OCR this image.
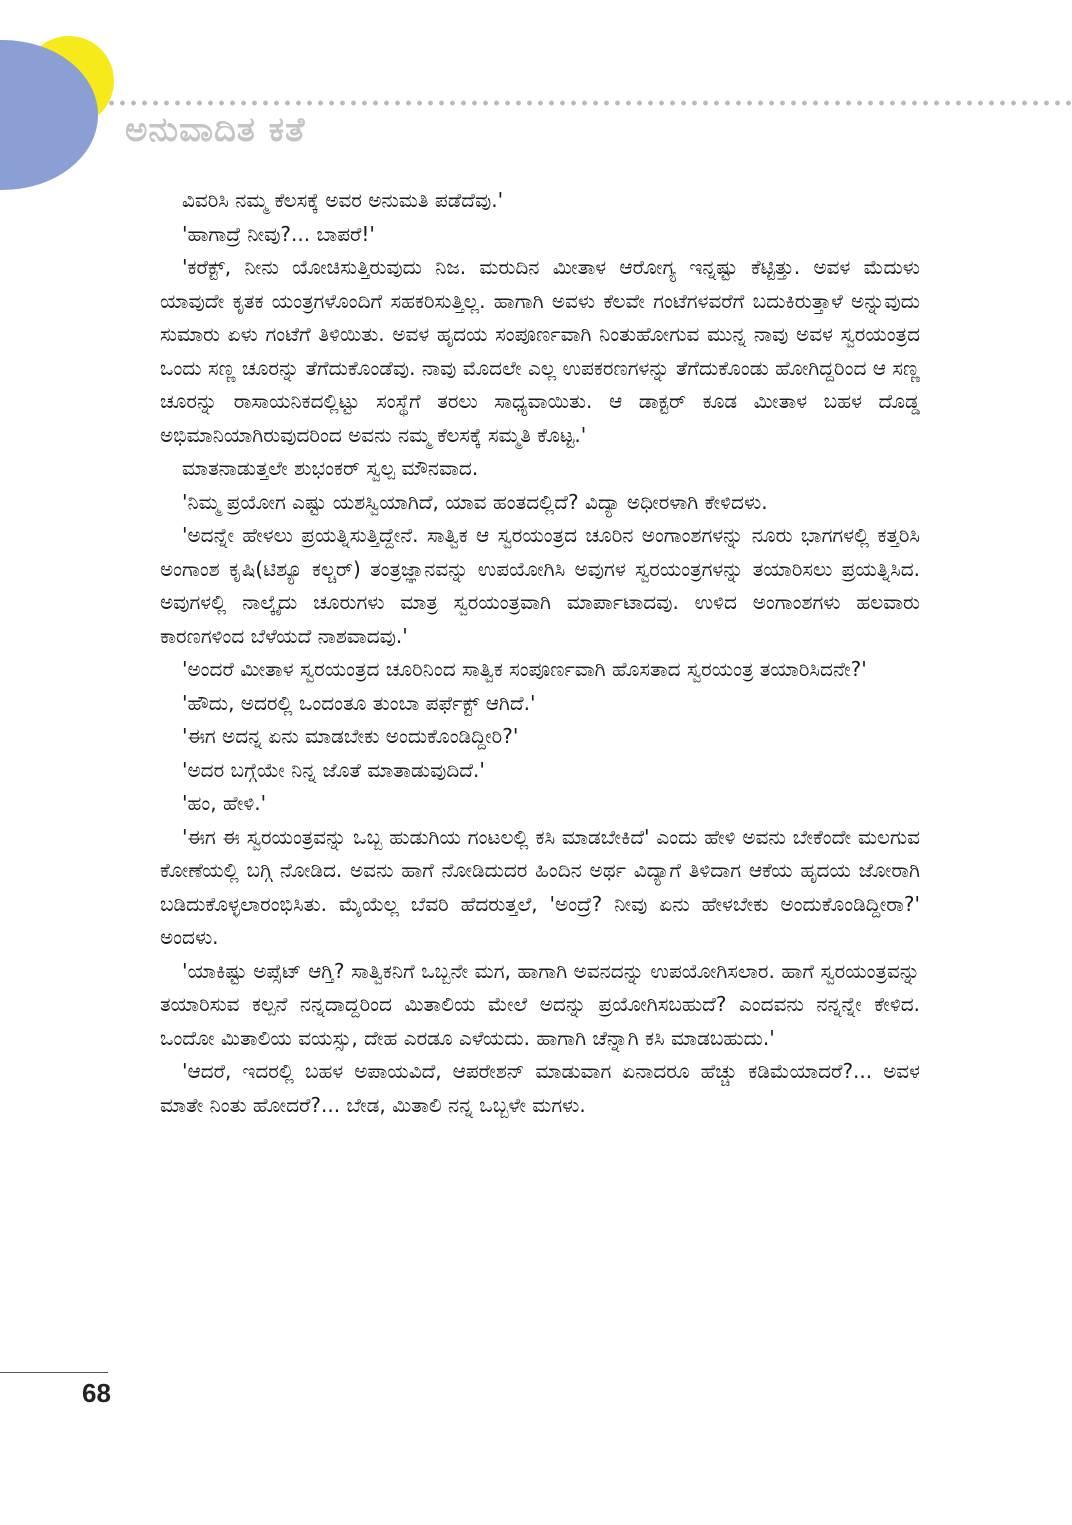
ಅನುವಾದಿತ ಕತೆ

ವಿವರಿಸಿ ನಮ್ಮ ಕೆಲಸಕ್ಕೆ ಅವರ ಅನುಮತಿ ಪಡೆದೆವು.'

'ಹಾಗಾದ್ರೆ ನೀವು?... ಬಾಪರೆ!'

'ಕರೆಕ್ಟ್, ನೀನು ಯೋಚಿಸುತ್ತಿರುವುದು ನಿಜ. ಮರುದಿನ ಮೀತಾಳ ಆರೋಗ್ಯ ಇನ್ನಷ್ಟು ಕೆಟ್ಟಿತ್ತು. ಅವಳ ಮೆದುಳು ಯಾವುದೇ ಕೃತಕ ಯಂತ್ರಗಳೊಂದಿಗೆ ಸಹಕರಿಸುತ್ತಿಲ್ಲ. ಹಾಗಾಗಿ ಅವಳು ಕೆಲವೇ ಗಂಟೆಗಳವರೆಗೆ ಬದುಕಿರುತ್ತಾಳೆ ಅನ್ನುವುದು ಸುಮಾರು ಏಳು ಗಂಟೆಗೆ ತಿಳಿಯಿತು. ಅವಳ ಹೃದಯ ಸಂಪೂರ್ಣವಾಗಿ ನಿಂತುಹೋಗುವ ಮುನ್ನ ನಾವು ಅವಳ ಸ್ವರಯಂತ್ರದ ಒಂದು ಸಣ್ಣ ಚೂರನ್ನು ತೆಗೆದುಕೊಂಡೆವು. ನಾವು ಮೊದಲೇ ಎಲ್ಲ ಉಪಕರಣಗಳನ್ನು ತೆಗೆದುಕೊಂಡು ಹೋಗಿದ್ದರಿಂದ ಆ ಸಣ್ಣ ಚೂರನ್ನು ರಾಸಾಯನಿಕದಲ್ಲಿಟ್ಟು ಸಂಸ್ಥೆಗೆ ತರಲು ಸಾಧ್ಯವಾಯಿತು. ಆ ಡಾಕ್ಟರ್ ಕೂಡ ಮೀತಾಳ ಬಹಳ ದೊಡ್ಡ ಅಭಿಮಾನಿಯಾಗಿರುವುದರಿಂದ ಅವನು ನಮ್ಮ ಕೆಲಸಕ್ಕೆ ಸಮ್ಮತಿ ಕೊಟ್ಟ.'

ಮಾತನಾಡುತ್ತಲೇ ಶುಭಂಕರ್ ಸ್ವಲ್ಪ ಮೌನವಾದ.

'ನಿಮ್ಮ ಪ್ರಯೋಗ ಎಷ್ಟು ಯಶಸ್ವಿಯಾಗಿದೆ, ಯಾವ ಹಂತದಲ್ಲಿದೆ? ವಿದ್ಯಾ ಅಧೀರಳಾಗಿ ಕೇಳಿದಳು.

'ಅದನ್ನೇ ಹೇಳಲು ಪ್ರಯತ್ನಿಸುತ್ತಿದ್ದೇನೆ. ಸಾತ್ವಿಕ ಆ ಸ್ವರಯಂತ್ರದ ಚೂರಿನ ಅಂಗಾಂಶಗಳನ್ನು ನೂರು ಭಾಗಗಳಲ್ಲಿ ಕತ್ತರಿಸಿ ಅಂಗಾಂಶ ಕೃಷಿ(ಟಿಶ್ಯೂ ಕಲ್ಚರ್) ತಂತ್ರಜ್ಞಾನವನ್ನು ಉಪಯೋಗಿಸಿ ಅವುಗಳ ಸ್ವರಯಂತ್ರಗಳನ್ನು ತಯಾರಿಸಲು ಪ್ರಯತ್ನಿಸಿದ. ಅವುಗಳಲ್ಲಿ ನಾಲ್ಕೈದು ಚೂರುಗಳು ಮಾತ್ರ ಸ್ವರಯಂತ್ರವಾಗಿ ಮಾರ್ಪಾಟಾದವು. ಉಳಿದ ಅಂಗಾಂಶಗಳು ಹಲವಾರು ಕಾರಣಗಳಿಂದ ಬೆಳೆಯದೆ ನಾಶವಾದವು.'

'ಅಂದರೆ ಮೀತಾಳ ಸ್ವರಯಂತ್ರದ ಚೂರಿನಿಂದ ಸಾತ್ವಿಕ ಸಂಪೂರ್ಣವಾಗಿ ಹೊಸತಾದ ಸ್ವರಯಂತ್ರ ತಯಾರಿಸಿದನೇ?'

'ಹೌದು, ಅದರಲ್ಲಿ ಒಂದಂತೂ ತುಂಬಾ ಪರ್ಫೆಕ್ಟ್ ಆಗಿದೆ.'

'ಈಗ ಅದನ್ನ ಏನು ಮಾಡಬೇಕು ಅಂದುಕೊಂಡಿದ್ದೀರಿ?'

'ಅದರ ಬಗ್ಗೆಯೇ ನಿನ್ನ ಜೊತೆ ಮಾತಾಡುವುದಿದೆ.'

'ಹಂ, ಹೇಳಿ.'

'ಈಗ ಈ ಸ್ವರಯಂತ್ರವನ್ನು ಒಬ್ಬ ಹುಡುಗಿಯ ಗಂಟಲಲ್ಲಿ ಕಸಿ ಮಾಡಬೇಕಿದೆ' ಎಂದು ಹೇಳಿ ಅವನು ಬೇಕೆಂದೇ ಮಲಗುವ ಕೋಣೆಯಲ್ಲಿ ಬಗ್ಗಿ ನೋಡಿದ. ಅವನು ಹಾಗೆ ನೋಡಿದುದರ ಹಿಂದಿನ ಅರ್ಥ ವಿದ್ಯಾಗೆ ತಿಳಿದಾಗ ಆಕೆಯ ಹೃದಯ ಜೋರಾಗಿ ಬಡಿದುಕೊಳ್ಳಲಾರಂಭಿಸಿತು. ಮೈಯೆಲ್ಲ ಬೆವರಿ ಹೆದರುತ್ತಲೆ, 'ಅಂದ್ರೆ? ನೀವು ಏನು ಹೇಳಬೇಕು ಅಂದುಕೊಂಡಿದ್ದೀರಾ?' ಅಂದಳು.

'ಯಾಕಿಷ್ಟು ಅಪ್ಸೆಟ್ ಆಗ್ತಿ? ಸಾತ್ವಿಕನಿಗೆ ಒಬ್ಬನೇ ಮಗ, ಹಾಗಾಗಿ ಅವನದನ್ನು ಉಪಯೋಗಿಸಲಾರ. ಹಾಗೆ ಸ್ವರಯಂತ್ರವನ್ನು ತಯಾರಿಸುವ ಕಲ್ಪನೆ ನನ್ನದಾದ್ದರಿಂದ ಮಿತಾಲಿಯ ಮೇಲೆ ಅದನ್ನು ಪ್ರಯೋಗಿಸಬಹುದೆ? ಎಂದವನು ನನ್ನನ್ನೇ ಕೇಳಿದ. ಒಂದೋ ಮಿತಾಲಿಯ ವಯಸ್ಸು, ದೇಹ ಎರಡೂ ಎಳೆಯದು. ಹಾಗಾಗಿ ಚೆನ್ನಾಗಿ ಕಸಿ ಮಾಡಬಹುದು.'

'ಆದರೆ, ಇದರಲ್ಲಿ ಬಹಳ ಅಪಾಯವಿದೆ, ಆಪರೇಶನ್ ಮಾಡುವಾಗ ಏನಾದರೂ ಹೆಚ್ಚು ಕಡಿಮೆಯಾದರೆ?... ಅವಳ ಮಾತೇ ನಿಂತು ಹೋದರೆ?... ಬೇಡ, ಮಿತಾಲಿ ನನ್ನ ಒಬ್ಬಳೇ ಮಗಳು.

68
